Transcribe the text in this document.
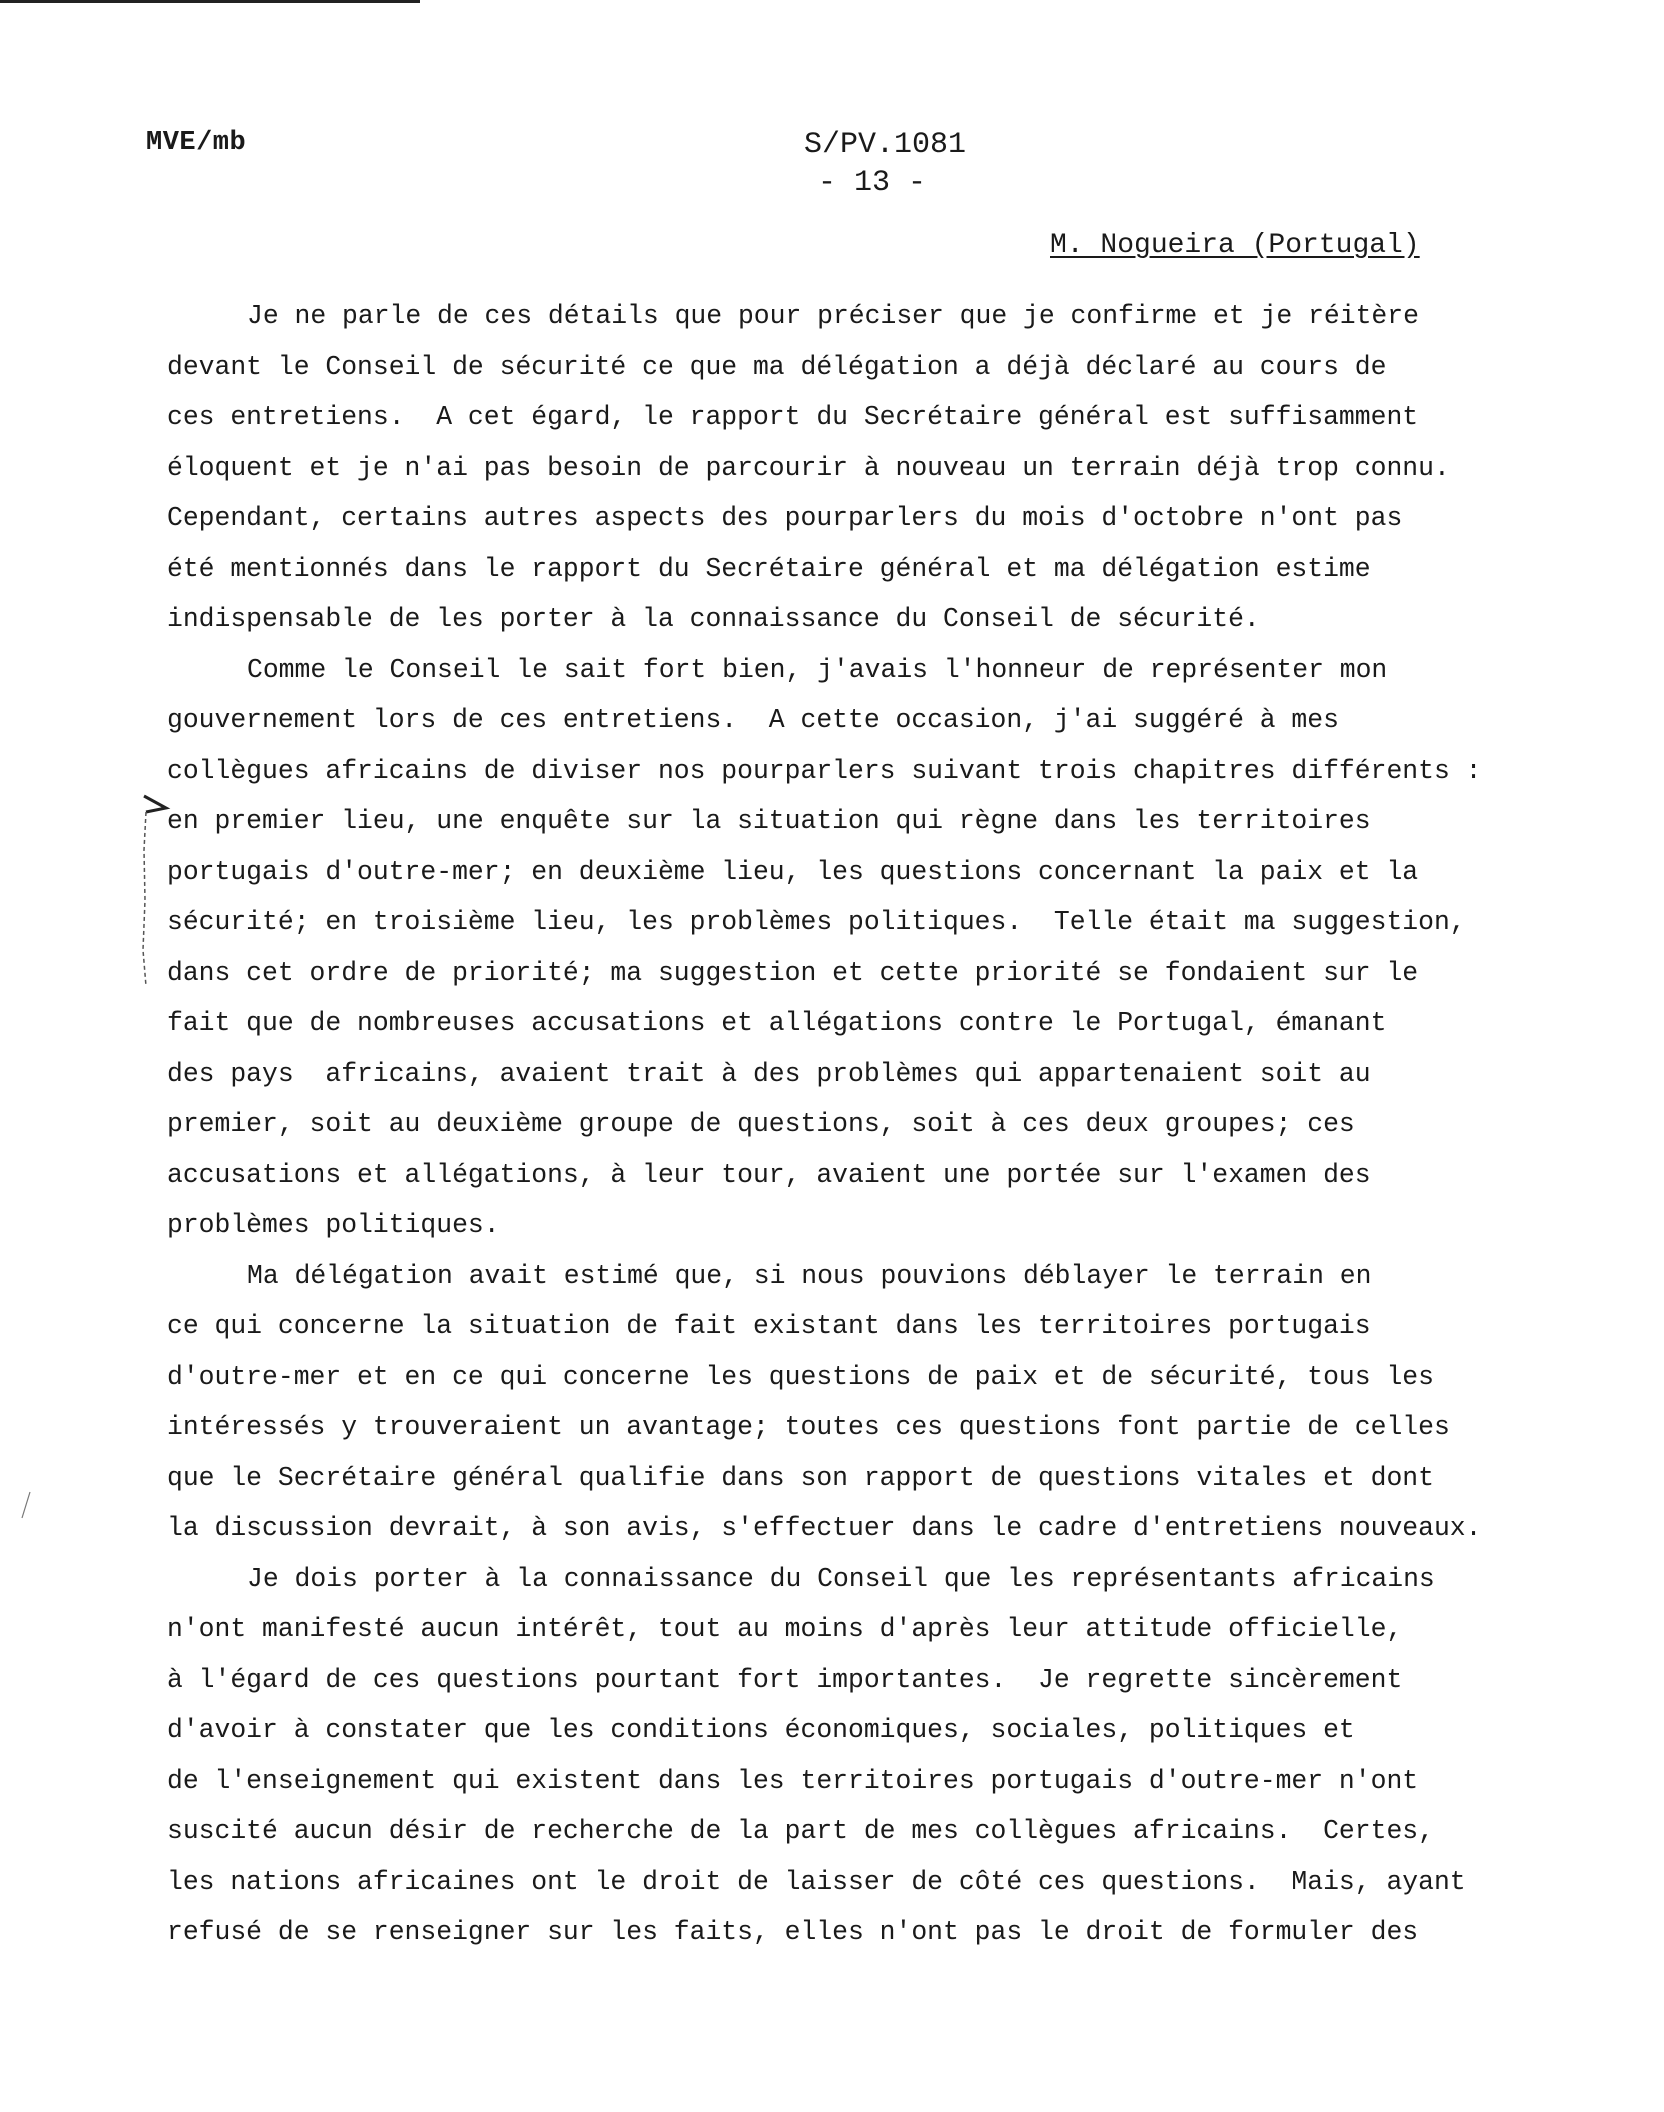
MVE/mb	S/PV.1081
- 13 -
M. Nogueira (Portugal)
Je ne parle de ces détails que pour préciser que je confirme et je réitère
devant le Conseil de sécurité ce que ma délégation a déjà déclaré au cours de
ces entretiens.  A cet égard, le rapport du Secrétaire général est suffisamment
éloquent et je n'ai pas besoin de parcourir à nouveau un terrain déjà trop connu.
Cependant, certains autres aspects des pourparlers du mois d'octobre n'ont pas
été mentionnés dans le rapport du Secrétaire général et ma délégation estime
indispensable de les porter à la connaissance du Conseil de sécurité.
Comme le Conseil le sait fort bien, j'avais l'honneur de représenter mon
gouvernement lors de ces entretiens.  A cette occasion, j'ai suggéré à mes
collègues africains de diviser nos pourparlers suivant trois chapitres différents :
en premier lieu, une enquête sur la situation qui règne dans les territoires
portugais d'outre-mer; en deuxième lieu, les questions concernant la paix et la
sécurité; en troisième lieu, les problèmes politiques.  Telle était ma suggestion,
dans cet ordre de priorité; ma suggestion et cette priorité se fondaient sur le
fait que de nombreuses accusations et allégations contre le Portugal, émanant
des pays  africains, avaient trait à des problèmes qui appartenaient soit au
premier, soit au deuxième groupe de questions, soit à ces deux groupes; ces
accusations et allégations, à leur tour, avaient une portée sur l'examen des
problèmes politiques.
Ma délégation avait estimé que, si nous pouvions déblayer le terrain en
ce qui concerne la situation de fait existant dans les territoires portugais
d'outre-mer et en ce qui concerne les questions de paix et de sécurité, tous les
intéressés y trouveraient un avantage; toutes ces questions font partie de celles
que le Secrétaire général qualifie dans son rapport de questions vitales et dont
la discussion devrait, à son avis, s'effectuer dans le cadre d'entretiens nouveaux.
Je dois porter à la connaissance du Conseil que les représentants africains
n'ont manifesté aucun intérêt, tout au moins d'après leur attitude officielle,
à l'égard de ces questions pourtant fort importantes.  Je regrette sincèrement
d'avoir à constater que les conditions économiques, sociales, politiques et
de l'enseignement qui existent dans les territoires portugais d'outre-mer n'ont
suscité aucun désir de recherche de la part de mes collègues africains.  Certes,
les nations africaines ont le droit de laisser de côté ces questions.  Mais, ayant
refusé de se renseigner sur les faits, elles n'ont pas le droit de formuler des
